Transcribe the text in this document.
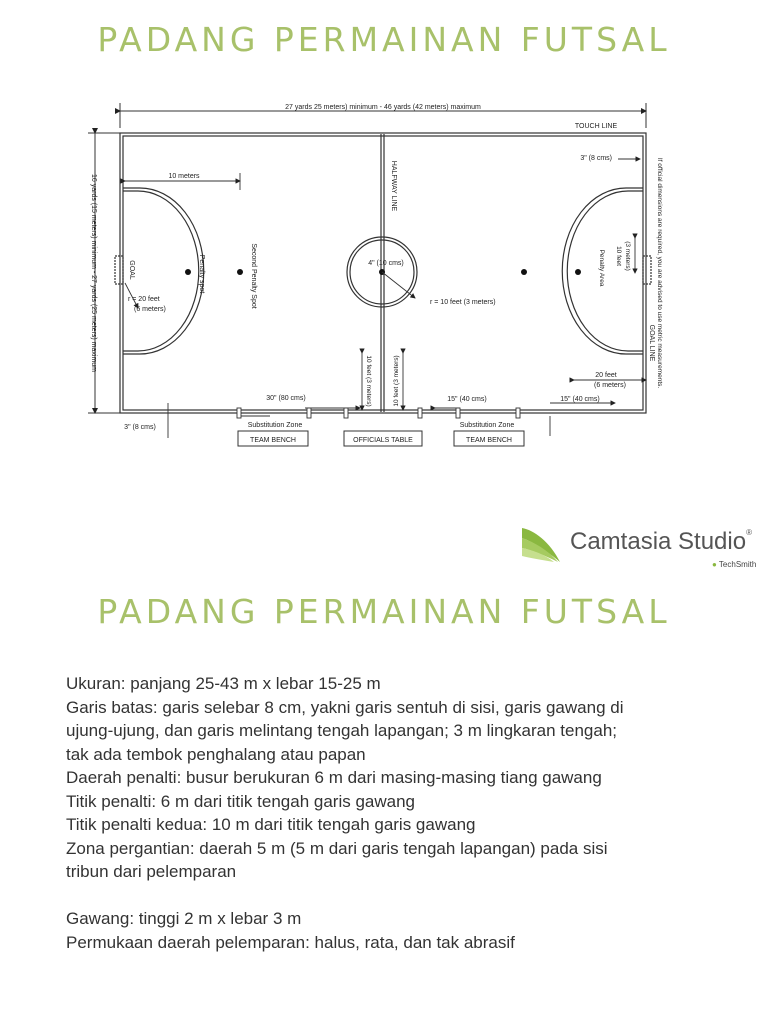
PADANG PERMAINAN FUTSAL
27 yards 25 meters) minimum - 46 yards (42 meters) maximum
TOUCH LINE
16 yards (15 meters) minimum - 27 yards (25 meters) maximum	10 meters
3" (8 cms)	If official dimensions are required, you are advised to use metric measurements.
HALFWAY LINE
Second Penalty Spot
Penalty spot
GOAL
GOAL LINE
r = 20 feet
(6 meters)
4" (10 cms)
r = 10 feet (3 meters)
10 feet (3 meters)	10 feet (3 meters)
10 feet (3 meters)
Penalty Area
20 feet
(6 meters)
30" (80 cms)	15" (40 cms)	15" (40 cms)
3" (8 cms)	Substitution Zone	Substitution Zone
TEAM BENCH	OFFICIALS TABLE	TEAM BENCH
Camtasia Studio®
● TechSmith
PADANG PERMAINAN FUTSAL
Ukuran: panjang 25-43 m x lebar 15-25 m
Garis batas: garis selebar 8 cm, yakni garis sentuh di sisi, garis gawang di
ujung-ujung, dan garis melintang tengah lapangan; 3 m lingkaran tengah;
tak ada tembok penghalang atau papan
Daerah penalti: busur berukuran 6 m dari masing-masing tiang gawang
Titik penalti: 6 m dari titik tengah garis gawang
Titik penalti kedua: 10 m dari titik tengah garis gawang
Zona pergantian: daerah 5 m (5 m dari garis tengah lapangan) pada sisi
tribun dari pelemparan
Gawang: tinggi 2 m x lebar 3 m
Permukaan daerah pelemparan: halus, rata, dan tak abrasif
